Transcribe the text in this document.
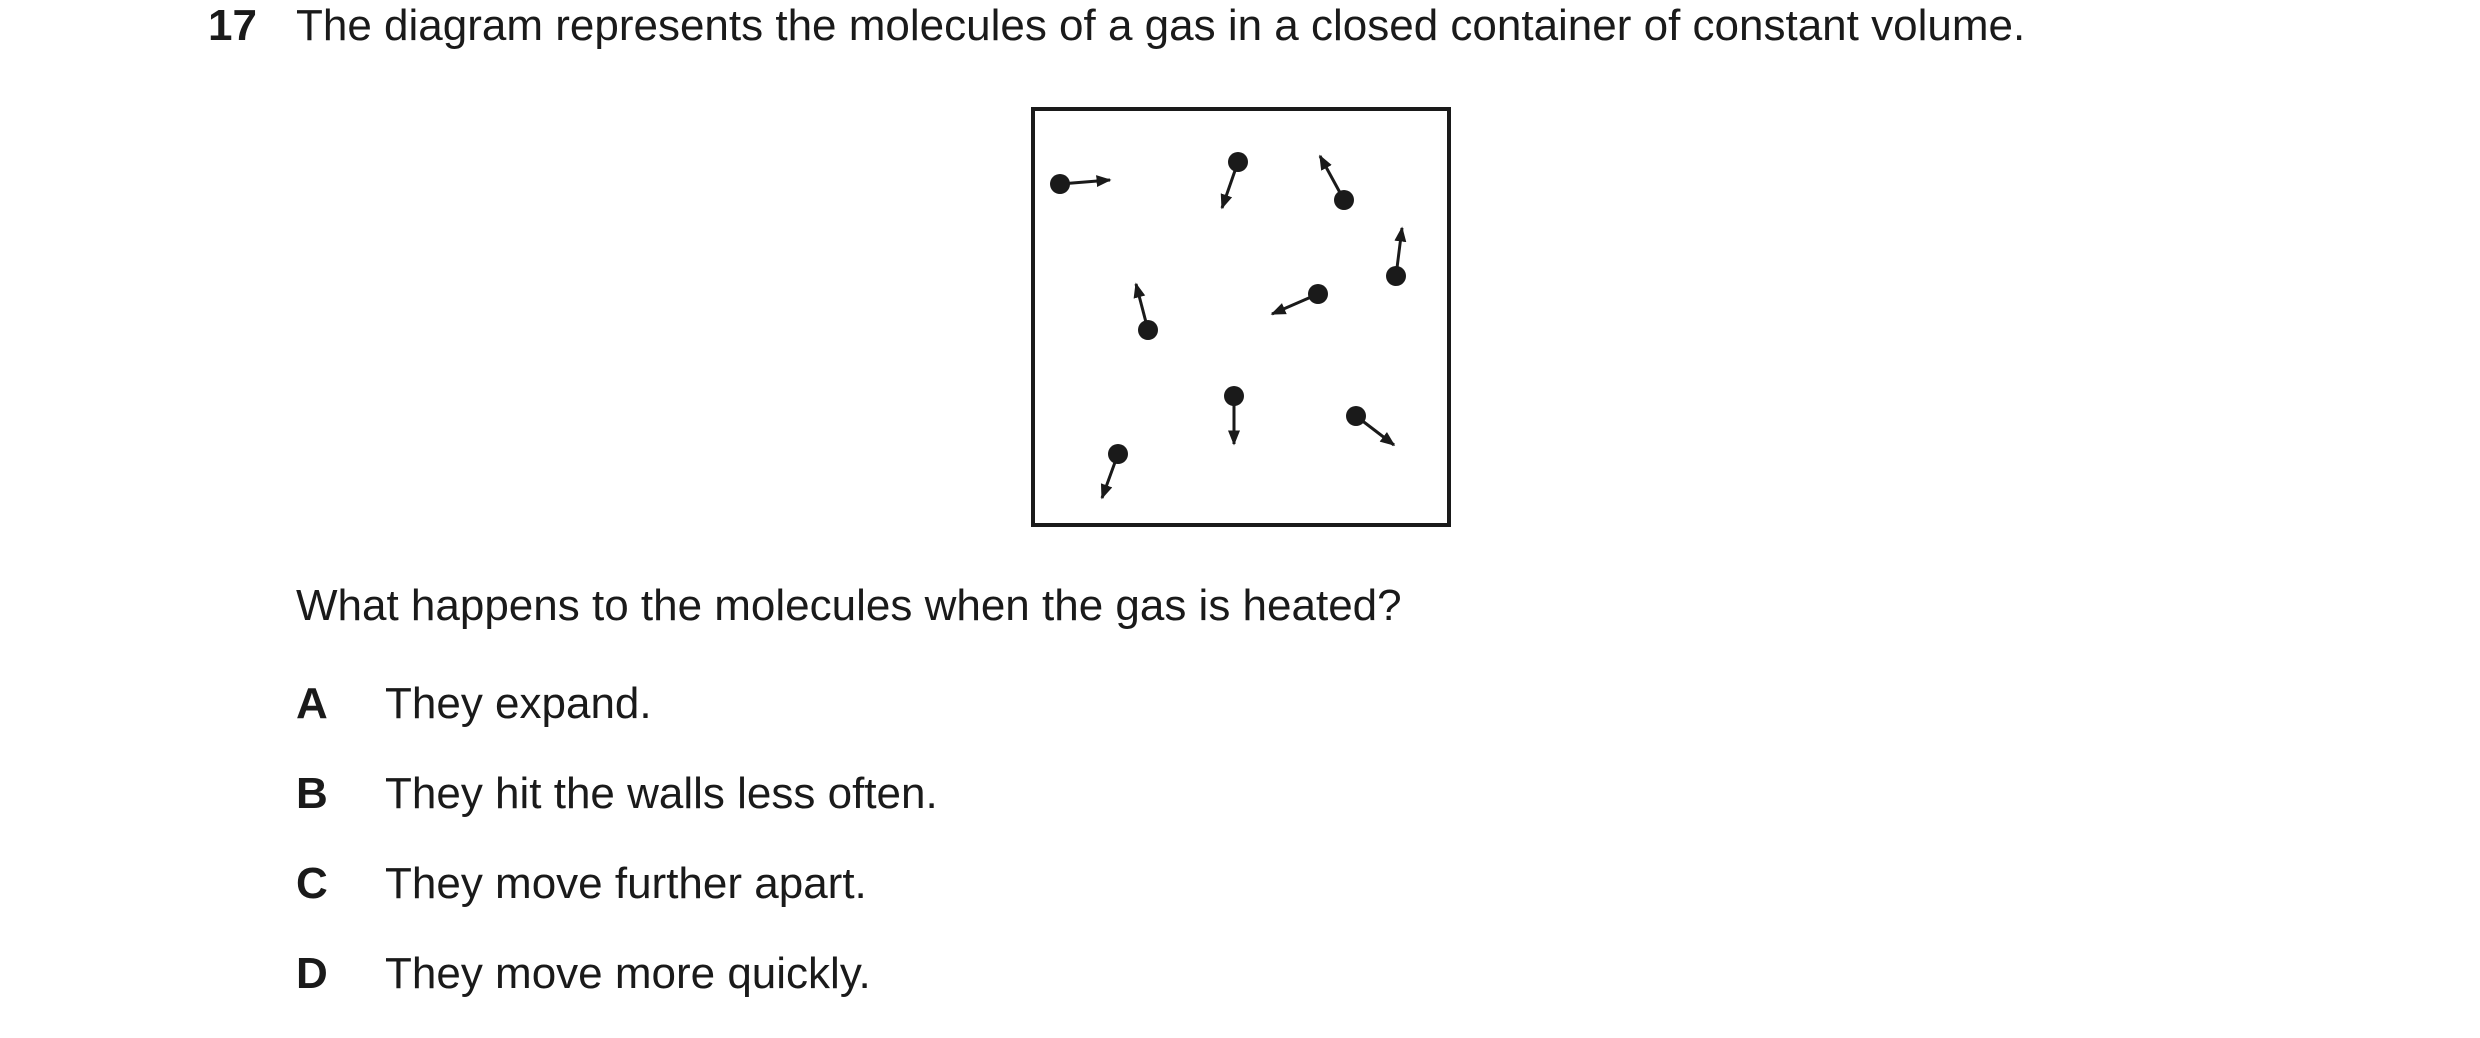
17 The diagram represents the molecules of a gas in a closed container of constant volume.
What happens to the molecules when the gas is heated?
A They expand.
B They hit the walls less often.
C They move further apart.
D They move more quickly.
